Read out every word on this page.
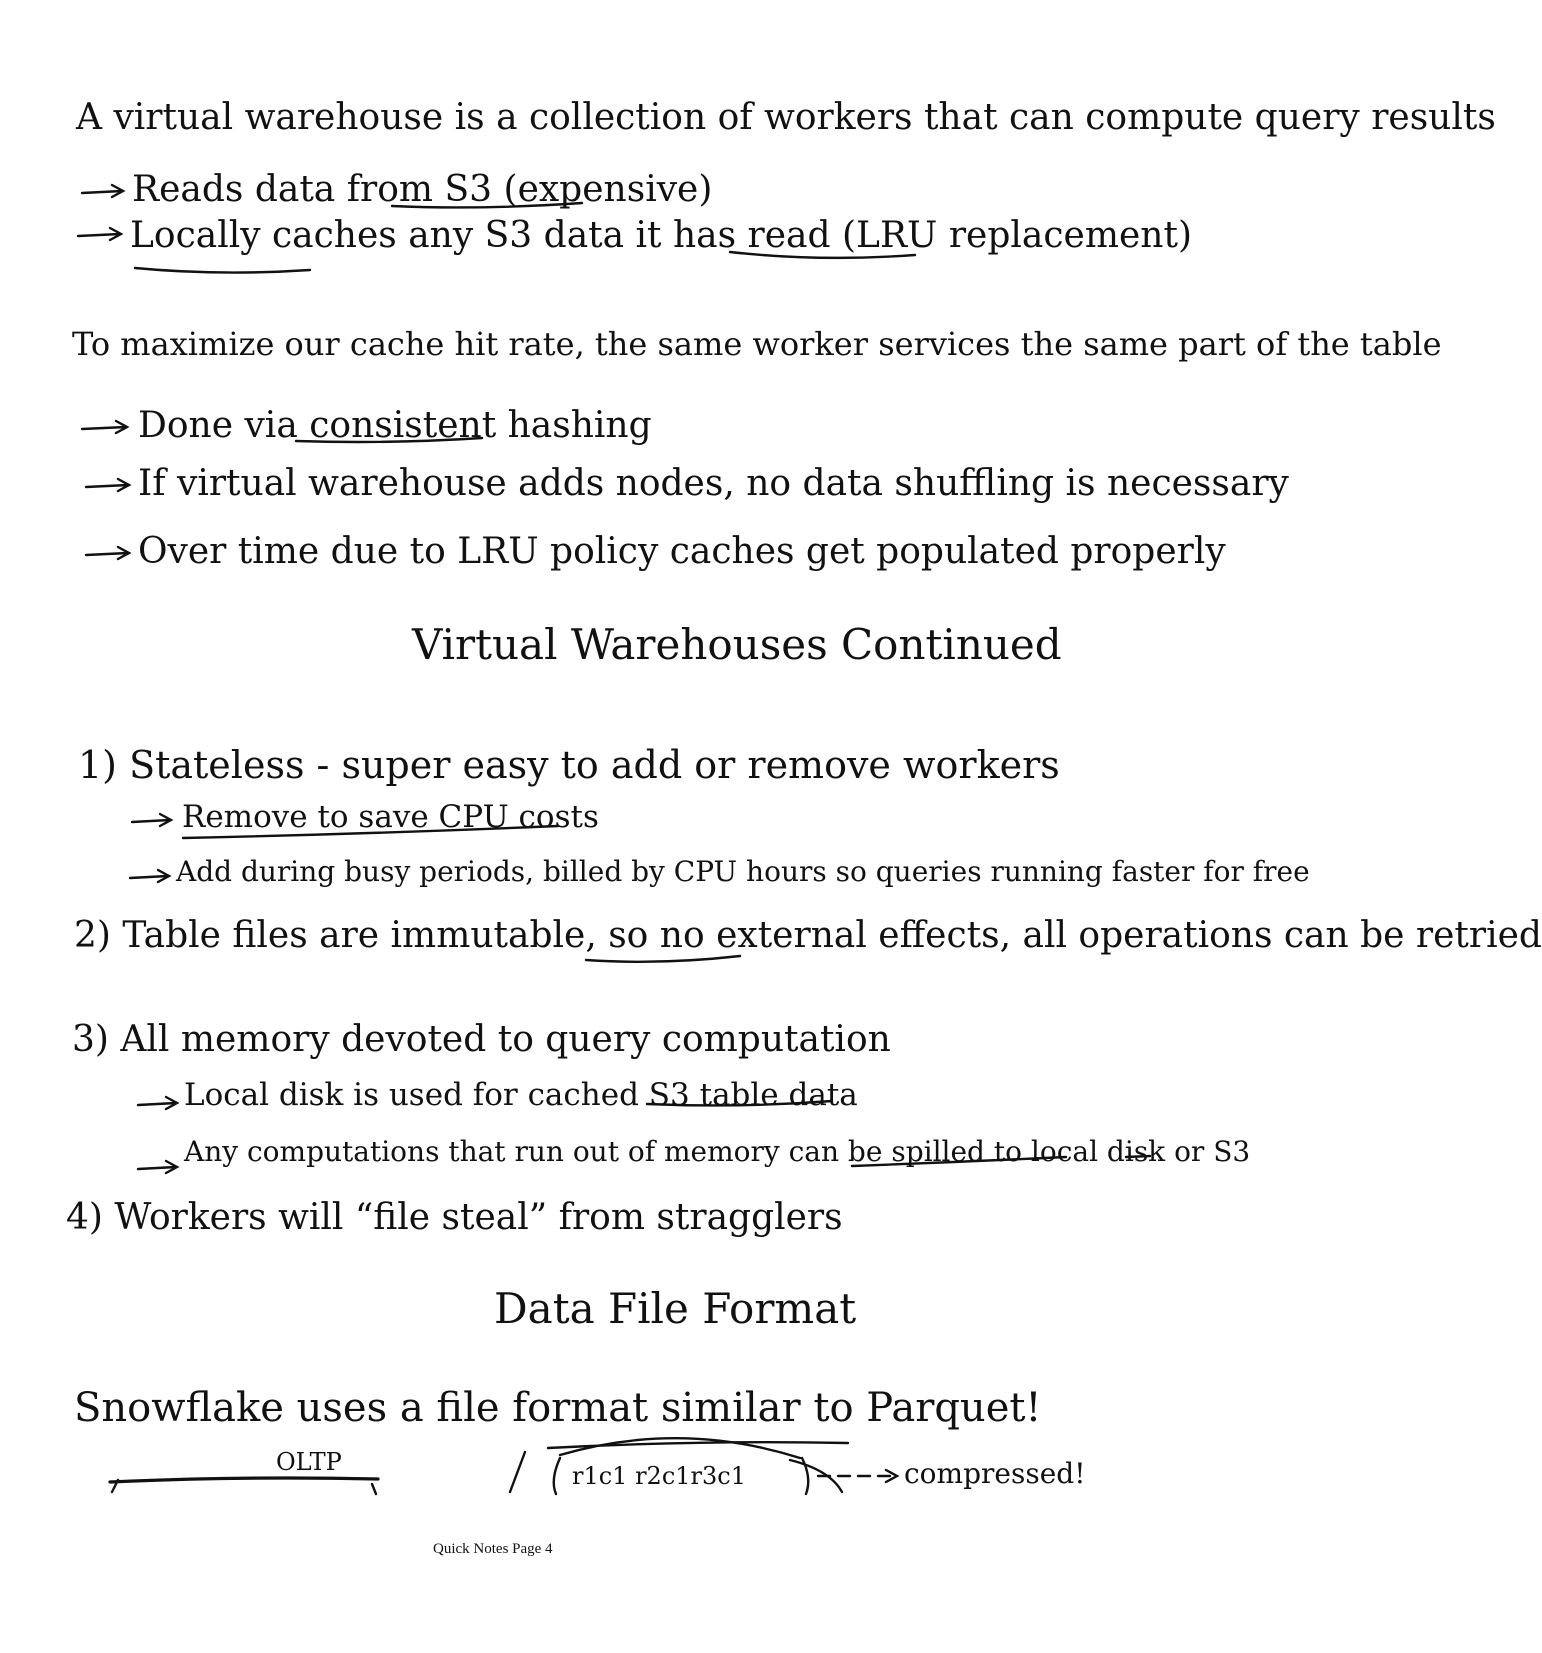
A virtual warehouse is a collection of workers that can compute query results
Reads data from S3 (expensive)
Locally caches any S3 data it has read (LRU replacement)
To maximize our cache hit rate, the same worker services the same part of the table
Done via consistent hashing
If virtual warehouse adds nodes, no data shuffling is necessary
Over time due to LRU policy caches get populated properly
Virtual Warehouses Continued
1) Stateless - super easy to add or remove workers
Remove to save CPU costs
Add during busy periods, billed by CPU hours so queries running faster for free
2) Table files are immutable, so no external effects, all operations can be retried
3) All memory devoted to query computation
Local disk is used for cached S3 table data
Any computations that run out of memory can be spilled to local disk or S3
4) Workers will “file steal” from stragglers
Data File Format
Snowflake uses a file format similar to Parquet!
OLTP	r1c1 r2c1r3c1	compressed!
Quick Notes Page 4
